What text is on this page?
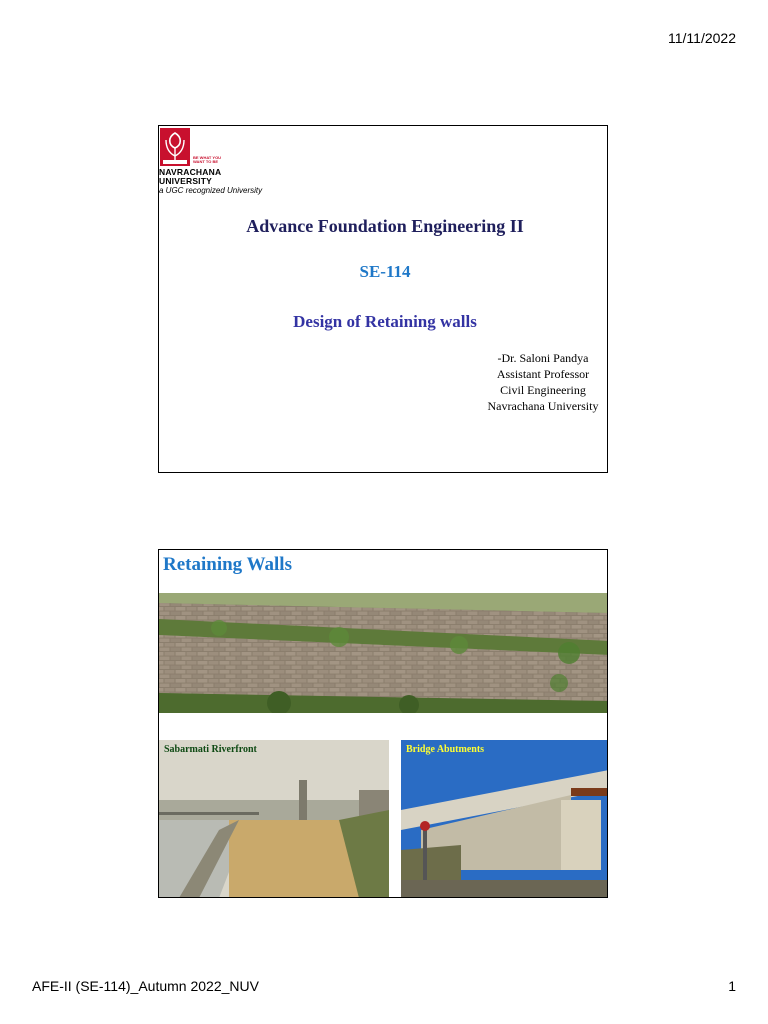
11/11/2022
BE WHAT YOU WANT TO BE
NAVRACHANA
UNIVERSITY
a UGC recognized University
Advance Foundation Engineering II
SE-114
Design of Retaining walls
-Dr. Saloni Pandya
Assistant Professor
Civil Engineering
Navrachana University
Retaining Walls
Sabarmati Riverfront	Bridge Abutments
AFE-II (SE-114)_Autumn 2022_NUV	1
